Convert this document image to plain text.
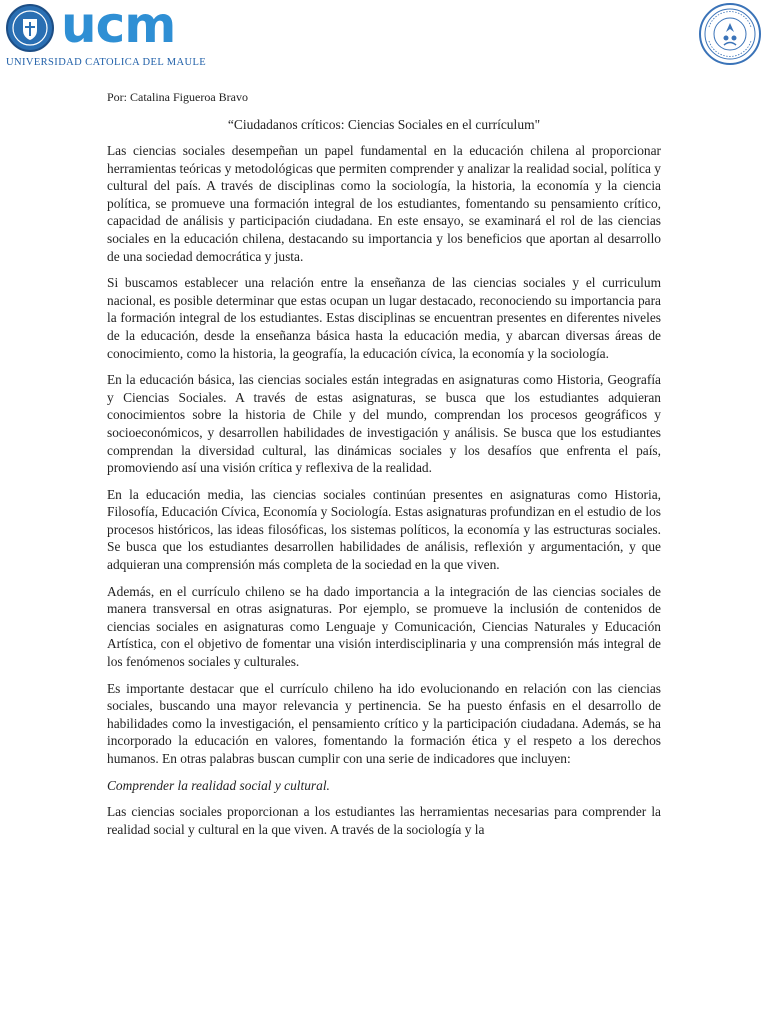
ucm
UNIVERSIDAD CATOLICA DEL MAULE

Por: Catalina Figueroa Bravo

“Ciudadanos críticos: Ciencias Sociales en el currículum"

Las ciencias sociales desempeñan un papel fundamental en la educación chilena al proporcionar herramientas teóricas y metodológicas que permiten comprender y analizar la realidad social, política y cultural del país. A través de disciplinas como la sociología, la historia, la economía y la ciencia política, se promueve una formación integral de los estudiantes, fomentando su pensamiento crítico, capacidad de análisis y participación ciudadana. En este ensayo, se examinará el rol de las ciencias sociales en la educación chilena, destacando su importancia y los beneficios que aportan al desarrollo de una sociedad democrática y justa.

Si buscamos establecer una relación entre la enseñanza de las ciencias sociales y el curriculum nacional, es posible determinar que estas ocupan un lugar destacado, reconociendo su importancia para la formación integral de los estudiantes. Estas disciplinas se encuentran presentes en diferentes niveles de la educación, desde la enseñanza básica hasta la educación media, y abarcan diversas áreas de conocimiento, como la historia, la geografía, la educación cívica, la economía y la sociología.

En la educación básica, las ciencias sociales están integradas en asignaturas como Historia, Geografía y Ciencias Sociales. A través de estas asignaturas, se busca que los estudiantes adquieran conocimientos sobre la historia de Chile y del mundo, comprendan los procesos geográficos y socioeconómicos, y desarrollen habilidades de investigación y análisis. Se busca que los estudiantes comprendan la diversidad cultural, las dinámicas sociales y los desafíos que enfrenta el país, promoviendo así una visión crítica y reflexiva de la realidad.

En la educación media, las ciencias sociales continúan presentes en asignaturas como Historia, Filosofía, Educación Cívica, Economía y Sociología. Estas asignaturas profundizan en el estudio de los procesos históricos, las ideas filosóficas, los sistemas políticos, la economía y las estructuras sociales. Se busca que los estudiantes desarrollen habilidades de análisis, reflexión y argumentación, y que adquieran una comprensión más completa de la sociedad en la que viven.

Además, en el currículo chileno se ha dado importancia a la integración de las ciencias sociales de manera transversal en otras asignaturas. Por ejemplo, se promueve la inclusión de contenidos de ciencias sociales en asignaturas como Lenguaje y Comunicación, Ciencias Naturales y Educación Artística, con el objetivo de fomentar una visión interdisciplinaria y una comprensión más integral de los fenómenos sociales y culturales.

Es importante destacar que el currículo chileno ha ido evolucionando en relación con las ciencias sociales, buscando una mayor relevancia y pertinencia. Se ha puesto énfasis en el desarrollo de habilidades como la investigación, el pensamiento crítico y la participación ciudadana. Además, se ha incorporado la educación en valores, fomentando la formación ética y el respeto a los derechos humanos. En otras palabras buscan cumplir con una serie de indicadores que incluyen:

Comprender la realidad social y cultural.

Las ciencias sociales proporcionan a los estudiantes las herramientas necesarias para comprender la realidad social y cultural en la que viven. A través de la sociología y la
